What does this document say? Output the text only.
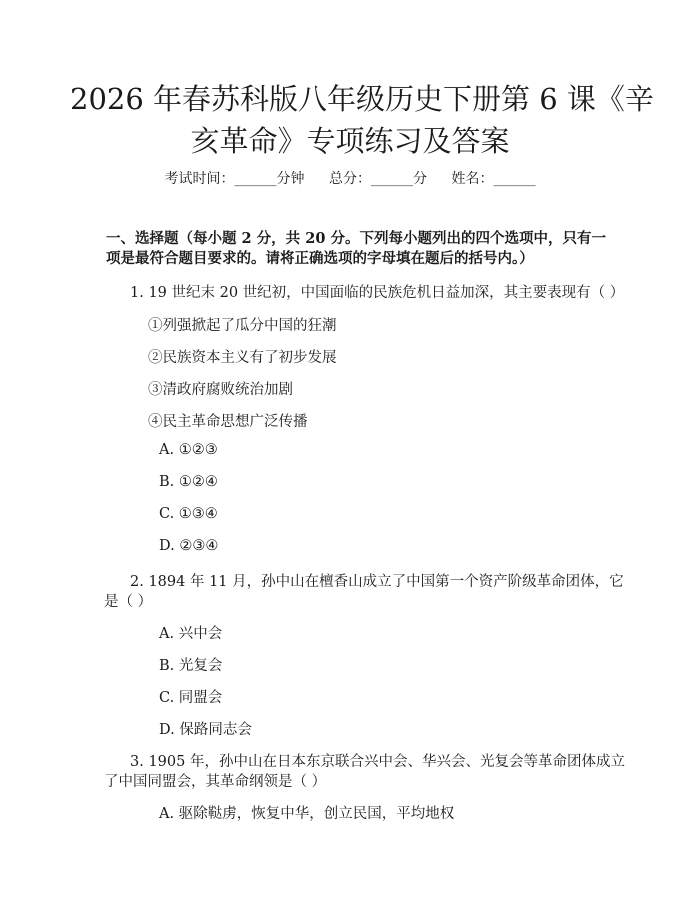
2026 年春苏科版八年级历史下册第 6 课《辛
亥革命》专项练习及答案
考试时间：______分钟 总分：______分 姓名：______
一、选择题（每小题 2 分，共 20 分。下列每小题列出的四个选项中，只有一项是最符合题目要求的。请将正确选项的字母填在题后的括号内。）
1. 19 世纪末 20 世纪初，中国面临的民族危机日益加深，其主要表现有（ ）
①列强掀起了瓜分中国的狂潮
②民族资本主义有了初步发展
③清政府腐败统治加剧
④民主革命思想广泛传播
A. ①②③
B. ①②④
C. ①③④
D. ②③④
2. 1894 年 11 月，孙中山在檀香山成立了中国第一个资产阶级革命团体，它
是（ ）
A. 兴中会
B. 光复会
C. 同盟会
D. 保路同志会
3. 1905 年，孙中山在日本东京联合兴中会、华兴会、光复会等革命团体成立
了中国同盟会，其革命纲领是（ ）
A. 驱除鞑虏，恢复中华，创立民国，平均地权
